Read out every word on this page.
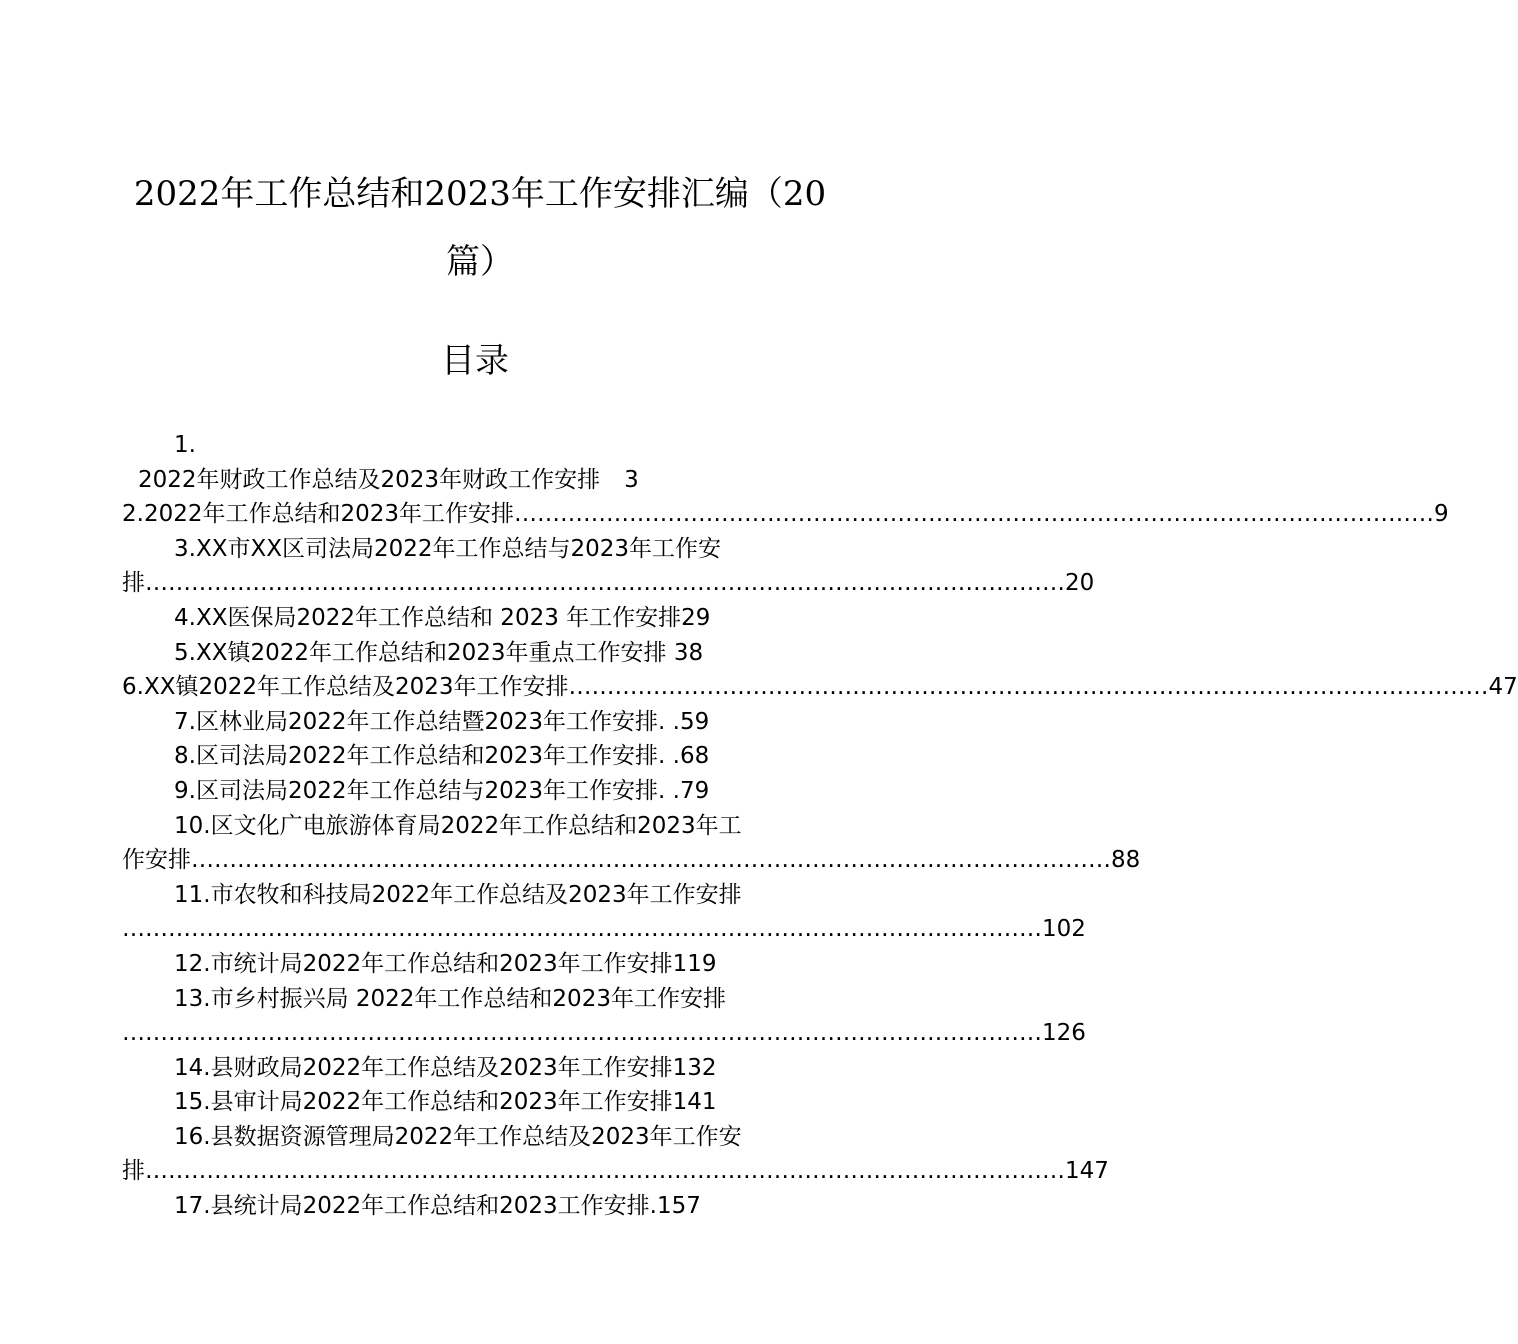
2022年工作总结和2023年工作安排汇编（20篇）
目录
1.
2022年财政工作总结及2023年财政工作安排 3
2.2022年工作总结和2023年工作安排 ………………………………………………………………………………………………………… 9
3.XX市XX区司法局2022年工作总结与2023年工作安
排 ………………………………………………………………………………………………………… 20
4.XX医保局2022年工作总结和 2023 年工作安排 29
5.XX镇2022年工作总结和2023年重点工作安排 38
6.XX镇2022年工作总结及2023年工作安排 ………………………………………………………………………………………………………… 47
7.区林业局2022年工作总结暨2023年工作安排. . 59
8.区司法局2022年工作总结和2023年工作安排. . 68
9.区司法局2022年工作总结与2023年工作安排. . 79
10.区文化广电旅游体育局2022年工作总结和2023年工
作安排 ………………………………………………………………………………………………………… 88
11.市农牧和科技局2022年工作总结及2023年工作安排
………………………………………………………………………………………………………… 102
12.市统计局2022年工作总结和2023年工作安排 119
13.市乡村振兴局 2022年工作总结和2023年工作安排
………………………………………………………………………………………………………… 126
14.县财政局2022年工作总结及2023年工作安排 132
15.县审计局2022年工作总结和2023年工作安排 141
16.县数据资源管理局2022年工作总结及2023年工作安
排 ………………………………………………………………………………………………………… 147
17.县统计局2022年工作总结和2023工作安排. 157
